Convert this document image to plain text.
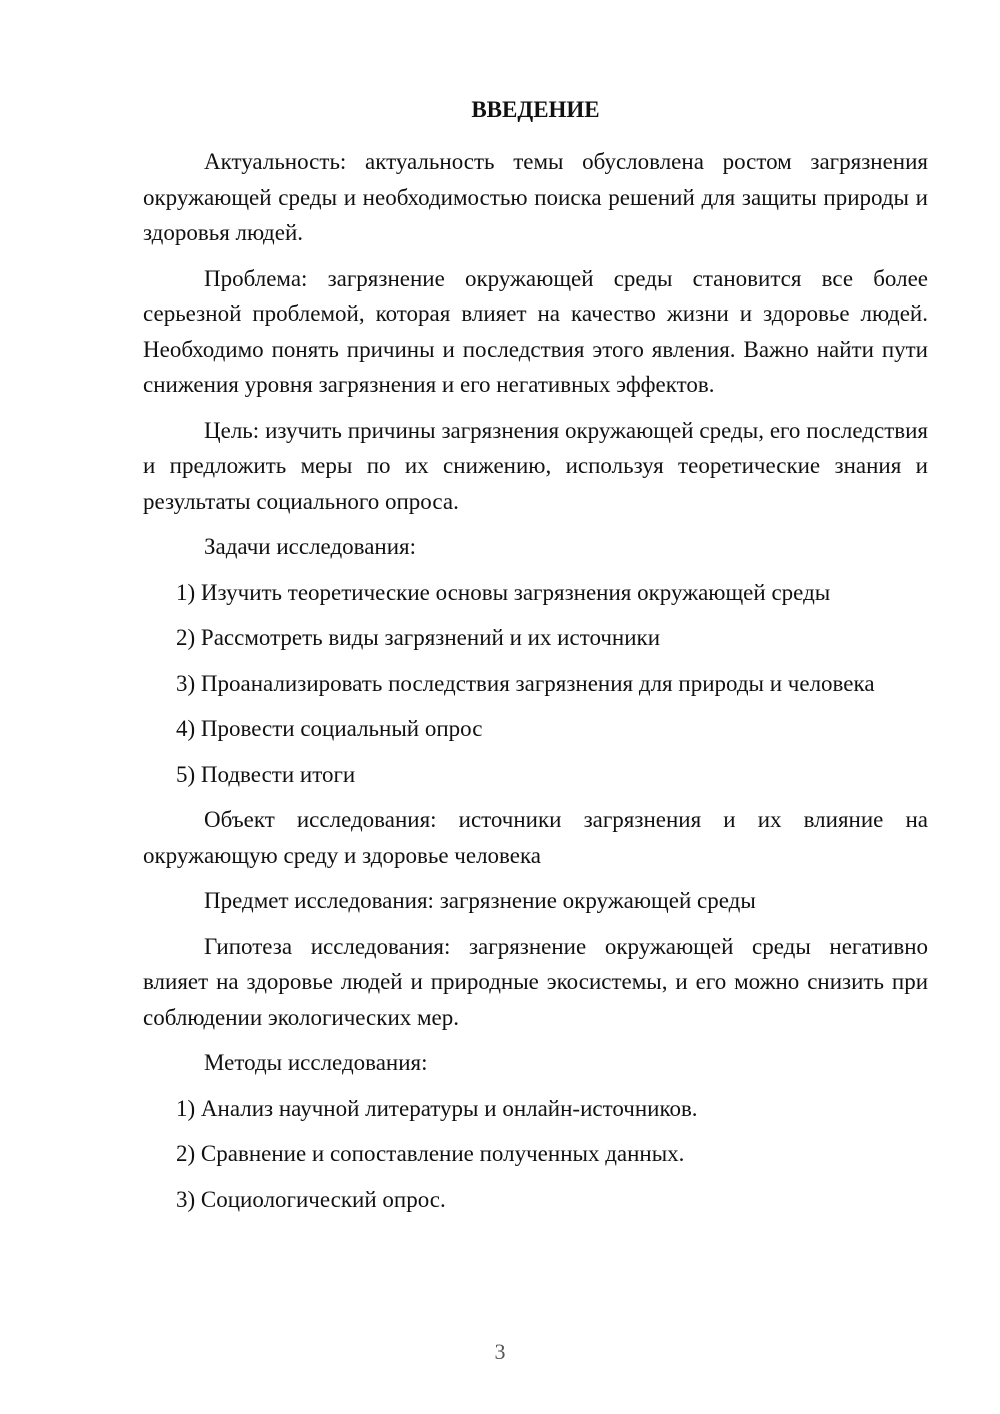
ВВЕДЕНИЕ

Актуальность: актуальность темы обусловлена ростом загрязнения окружающей среды и необходимостью поиска решений для защиты природы и здоровья людей.

Проблема: загрязнение окружающей среды становится все более серьезной проблемой, которая влияет на качество жизни и здоровье людей. Необходимо понять причины и последствия этого явления. Важно найти пути снижения уровня загрязнения и его негативных эффектов.

Цель: изучить причины загрязнения окружающей среды, его последствия и предложить меры по их снижению, используя теоретические знания и результаты социального опроса.

Задачи исследования:

1) Изучить теоретические основы загрязнения окружающей среды

2) Рассмотреть виды загрязнений и их источники

3) Проанализировать последствия загрязнения для природы и человека

4) Провести социальный опрос

5) Подвести итоги

Объект исследования: источники загрязнения и их влияние на окружающую среду и здоровье человека

Предмет исследования: загрязнение окружающей среды

Гипотеза исследования: загрязнение окружающей среды негативно влияет на здоровье людей и природные экосистемы, и его можно снизить при соблюдении экологических мер.

Методы исследования:

1) Анализ научной литературы и онлайн-источников.

2) Сравнение и сопоставление полученных данных.

3) Социологический опрос.

3
